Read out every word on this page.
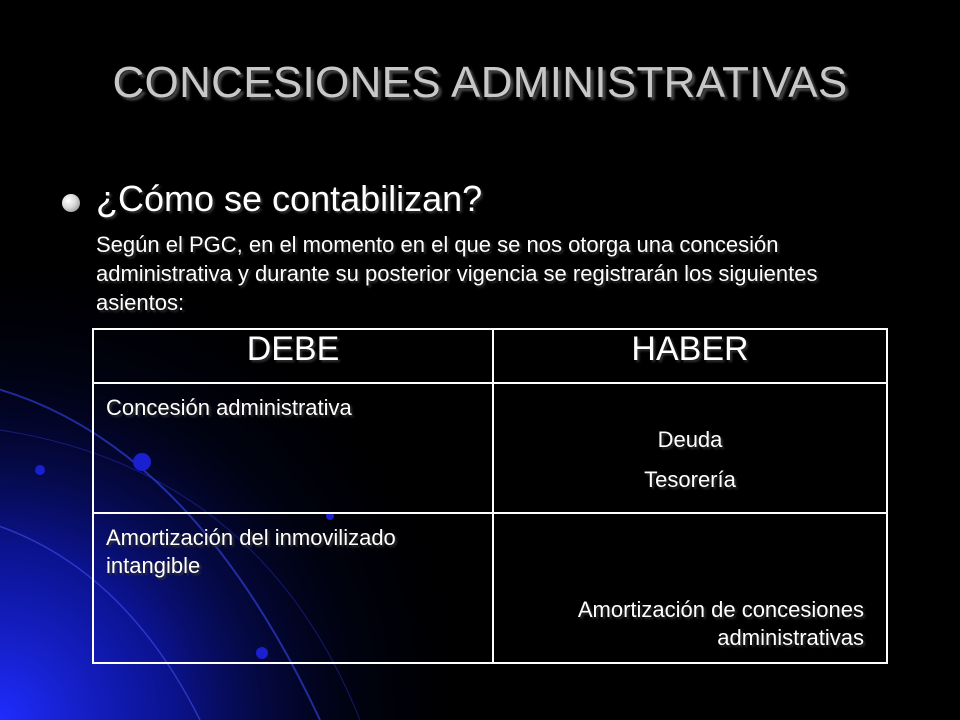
CONCESIONES ADMINISTRATIVAS
¿Cómo se contabilizan?
Según el PGC, en el momento en el que se nos otorga una concesión administrativa y durante su posterior vigencia se registrarán los siguientes asientos:
DEBE	HABER

Concesión administrativa	Deuda
Tesorería

Amortización del inmovilizado intangible	Amortización de concesiones administrativas
